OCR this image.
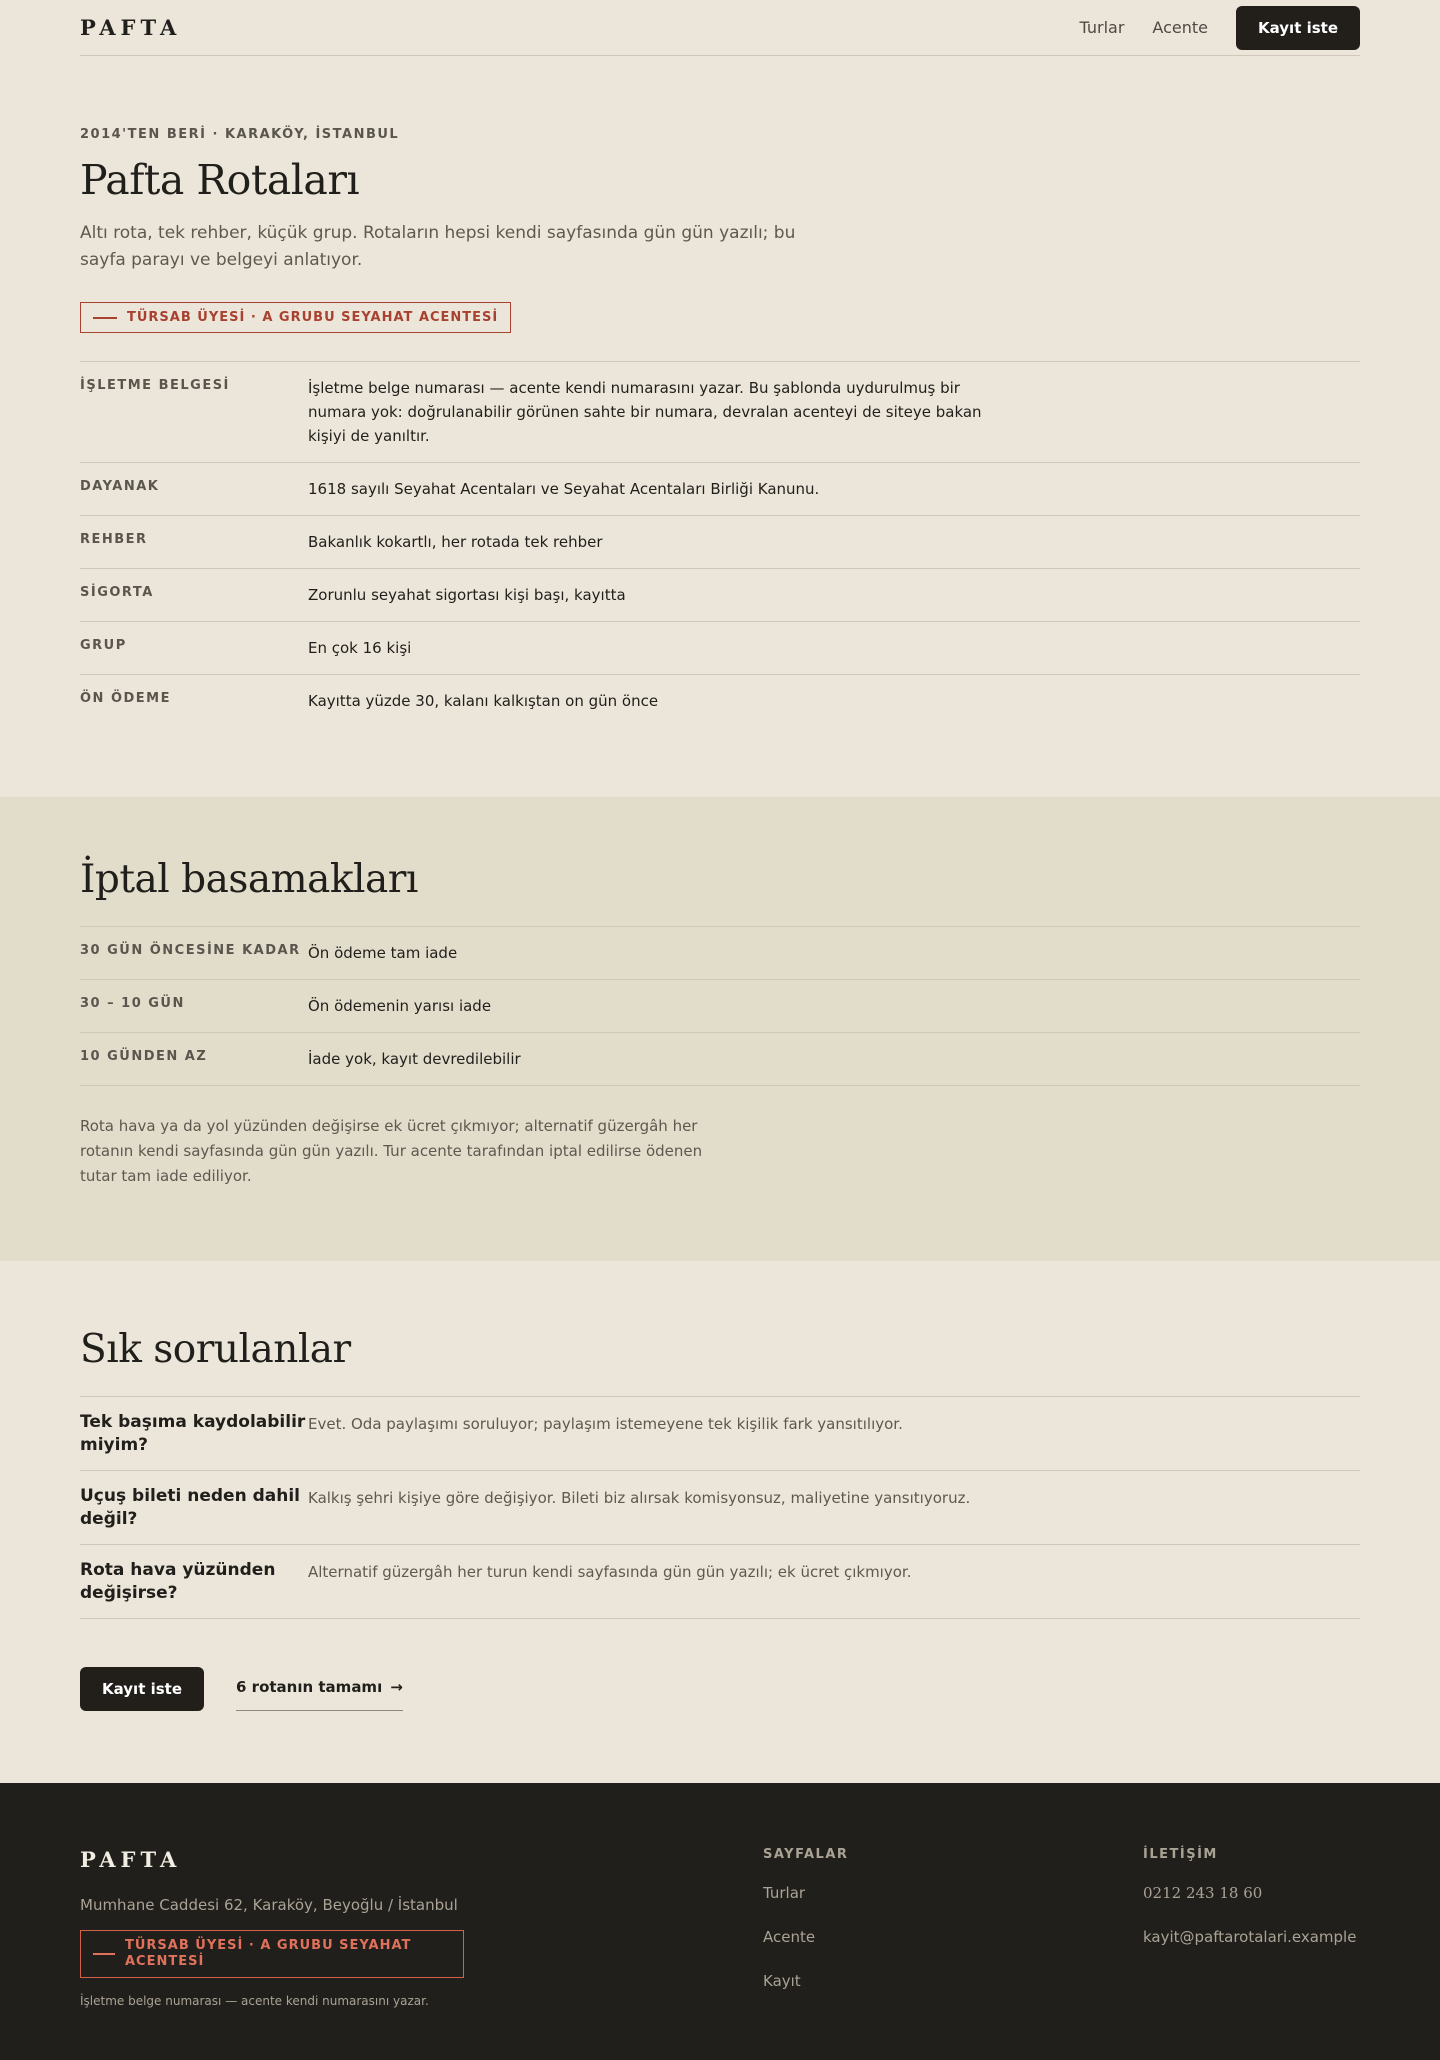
PAFTA	Turlar Acente	Kayıt iste
2014'TEN BERİ · KARAKÖY, İSTANBUL
Pafta Rotaları

Altı rota, tek rehber, küçük grup. Rotaların hepsi kendi sayfasında gün gün yazılı; bu sayfa parayı ve belgeyi anlatıyor.

TÜRSAB ÜYESİ · A GRUBU SEYAHAT ACENTESİ
İŞLETME BELGESİ	İşletme belge numarası — acente kendi numarasını yazar. Bu şablonda uydurulmuş bir numara yok: doğrulanabilir görünen sahte bir numara, devralan acenteyi de siteye bakan kişiyi de yanıltır.
DAYANAK	1618 sayılı Seyahat Acentaları ve Seyahat Acentaları Birliği Kanunu.
REHBER	Bakanlık kokartlı, her rotada tek rehber
SİGORTA	Zorunlu seyahat sigortası kişi başı, kayıtta
GRUP	En çok 16 kişi
ÖN ÖDEME	Kayıtta yüzde 30, kalanı kalkıştan on gün önce
İptal basamakları
30 GÜN ÖNCESİNE KADAR Ön ödeme tam iade
30 – 10 GÜN	Ön ödemenin yarısı iade
10 GÜNDEN AZ	İade yok, kayıt devredilebilir

Rota hava ya da yol yüzünden değişirse ek ücret çıkmıyor; alternatif güzergâh her rotanın kendi sayfasında gün gün yazılı. Tur acente tarafından iptal edilirse ödenen tutar tam iade ediliyor.

Sık sorulanlar
Tek başıma kaydolabilir miyim?
Evet. Oda paylaşımı soruluyor; paylaşım istemeyene tek kişilik fark yansıtılıyor.
Uçuş bileti neden dahil değil?
Kalkış şehri kişiye göre değişiyor. Bileti biz alırsak komisyonsuz, maliyetine yansıtıyoruz.
Rota hava yüzünden değişirse?
Alternatif güzergâh her turun kendi sayfasında gün gün yazılı; ek ücret çıkmıyor.
Kayıt iste	6 rotanın tamamı →
PAFTA
Mumhane Caddesi 62, Karaköy, Beyoğlu / İstanbul
TÜRSAB ÜYESİ · A GRUBU SEYAHAT ACENTESİ
İşletme belge numarası — acente kendi numarasını yazar.
SAYFALAR
Turlar
Acente
Kayıt
İLETİŞİM
0212 243 18 60
kayit@paftarotalari.example
